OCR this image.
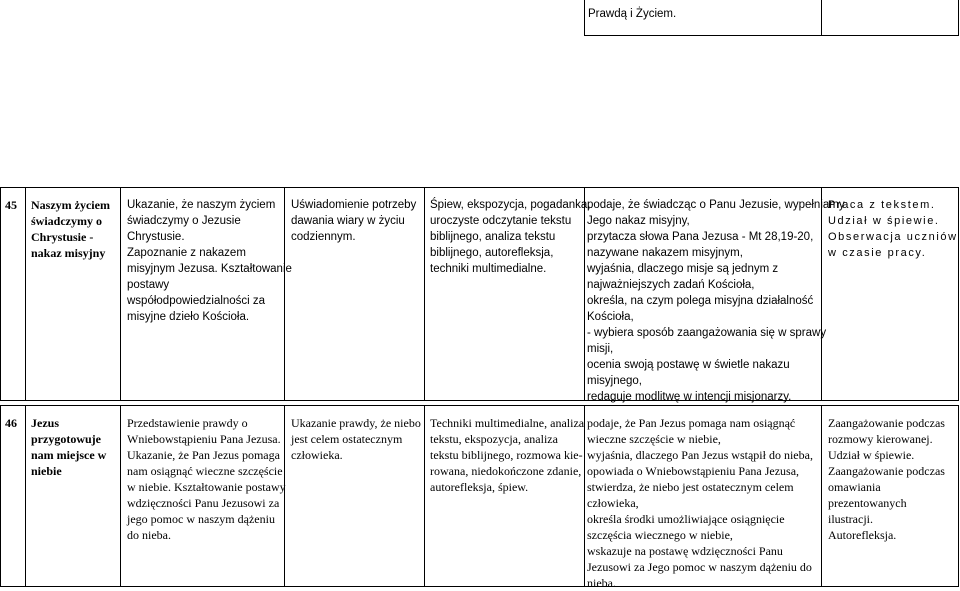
Prawdą i Życiem.
45 Naszym życiem
świadczymy o
Chrystusie -
nakaz misyjny
Ukazanie, że naszym życiem
świadczymy o Jezusie
Chrystusie.
Zapoznanie z nakazem
misyjnym Jezusa. Kształtowanie
postawy
współodpowiedzialności za
misyjne dzieło Kościoła.
Uświadomienie potrzeby
dawania wiary w życiu
codziennym.
Śpiew, ekspozycja, pogadanka,
uroczyste odczytanie tekstu
biblijnego, analiza tekstu
biblijnego, autorefleksja,
techniki multimedialne.
podaje, że świadcząc o Panu Jezusie, wypełniamy
Jego nakaz misyjny,
przytacza słowa Pana Jezusa - Mt 28,19-20,
nazywane nakazem misyjnym,
wyjaśnia, dlaczego misje są jednym z
najważniejszych zadań Kościoła,
określa, na czym polega misyjna działalność
Kościoła,
- wybiera sposób zaangażowania się w sprawy
misji,
ocenia swoją postawę w świetle nakazu
misyjnego,
redaguje modlitwę w intencji misjonarzy.
Praca z tekstem.
Udział w śpiewie.
Obserwacja uczniów
w czasie pracy.
46 Jezus
przygotowuje
nam miejsce w
niebie
Przedstawienie prawdy o
Wniebowstąpieniu Pana Jezusa.
Ukazanie, że Pan Jezus pomaga
nam osiągnąć wieczne szczęście
w niebie. Kształtowanie postawy
wdzięczności Panu Jezusowi za
jego pomoc w naszym dążeniu
do nieba.
Ukazanie prawdy, że niebo
jest celem ostatecznym
człowieka.
Techniki multimedialne, analiza
tekstu, ekspozycja, analiza
tekstu biblijnego, rozmowa kie-
rowana, niedokończone zdanie,
autorefleksja, śpiew.
podaje, że Pan Jezus pomaga nam osiągnąć
wieczne szczęście w niebie,
wyjaśnia, dlaczego Pan Jezus wstąpił do nieba,
opowiada o Wniebowstąpieniu Pana Jezusa,
stwierdza, że niebo jest ostatecznym celem
człowieka,
określa środki umożliwiające osiągnięcie
szczęścia wiecznego w niebie,
wskazuje na postawę wdzięczności Panu
Jezusowi za Jego pomoc w naszym dążeniu do
nieba.
Zaangażowanie podczas
rozmowy kierowanej.
Udział w śpiewie.
Zaangażowanie podczas
omawiania
prezentowanych
ilustracji.
Autorefleksja.
